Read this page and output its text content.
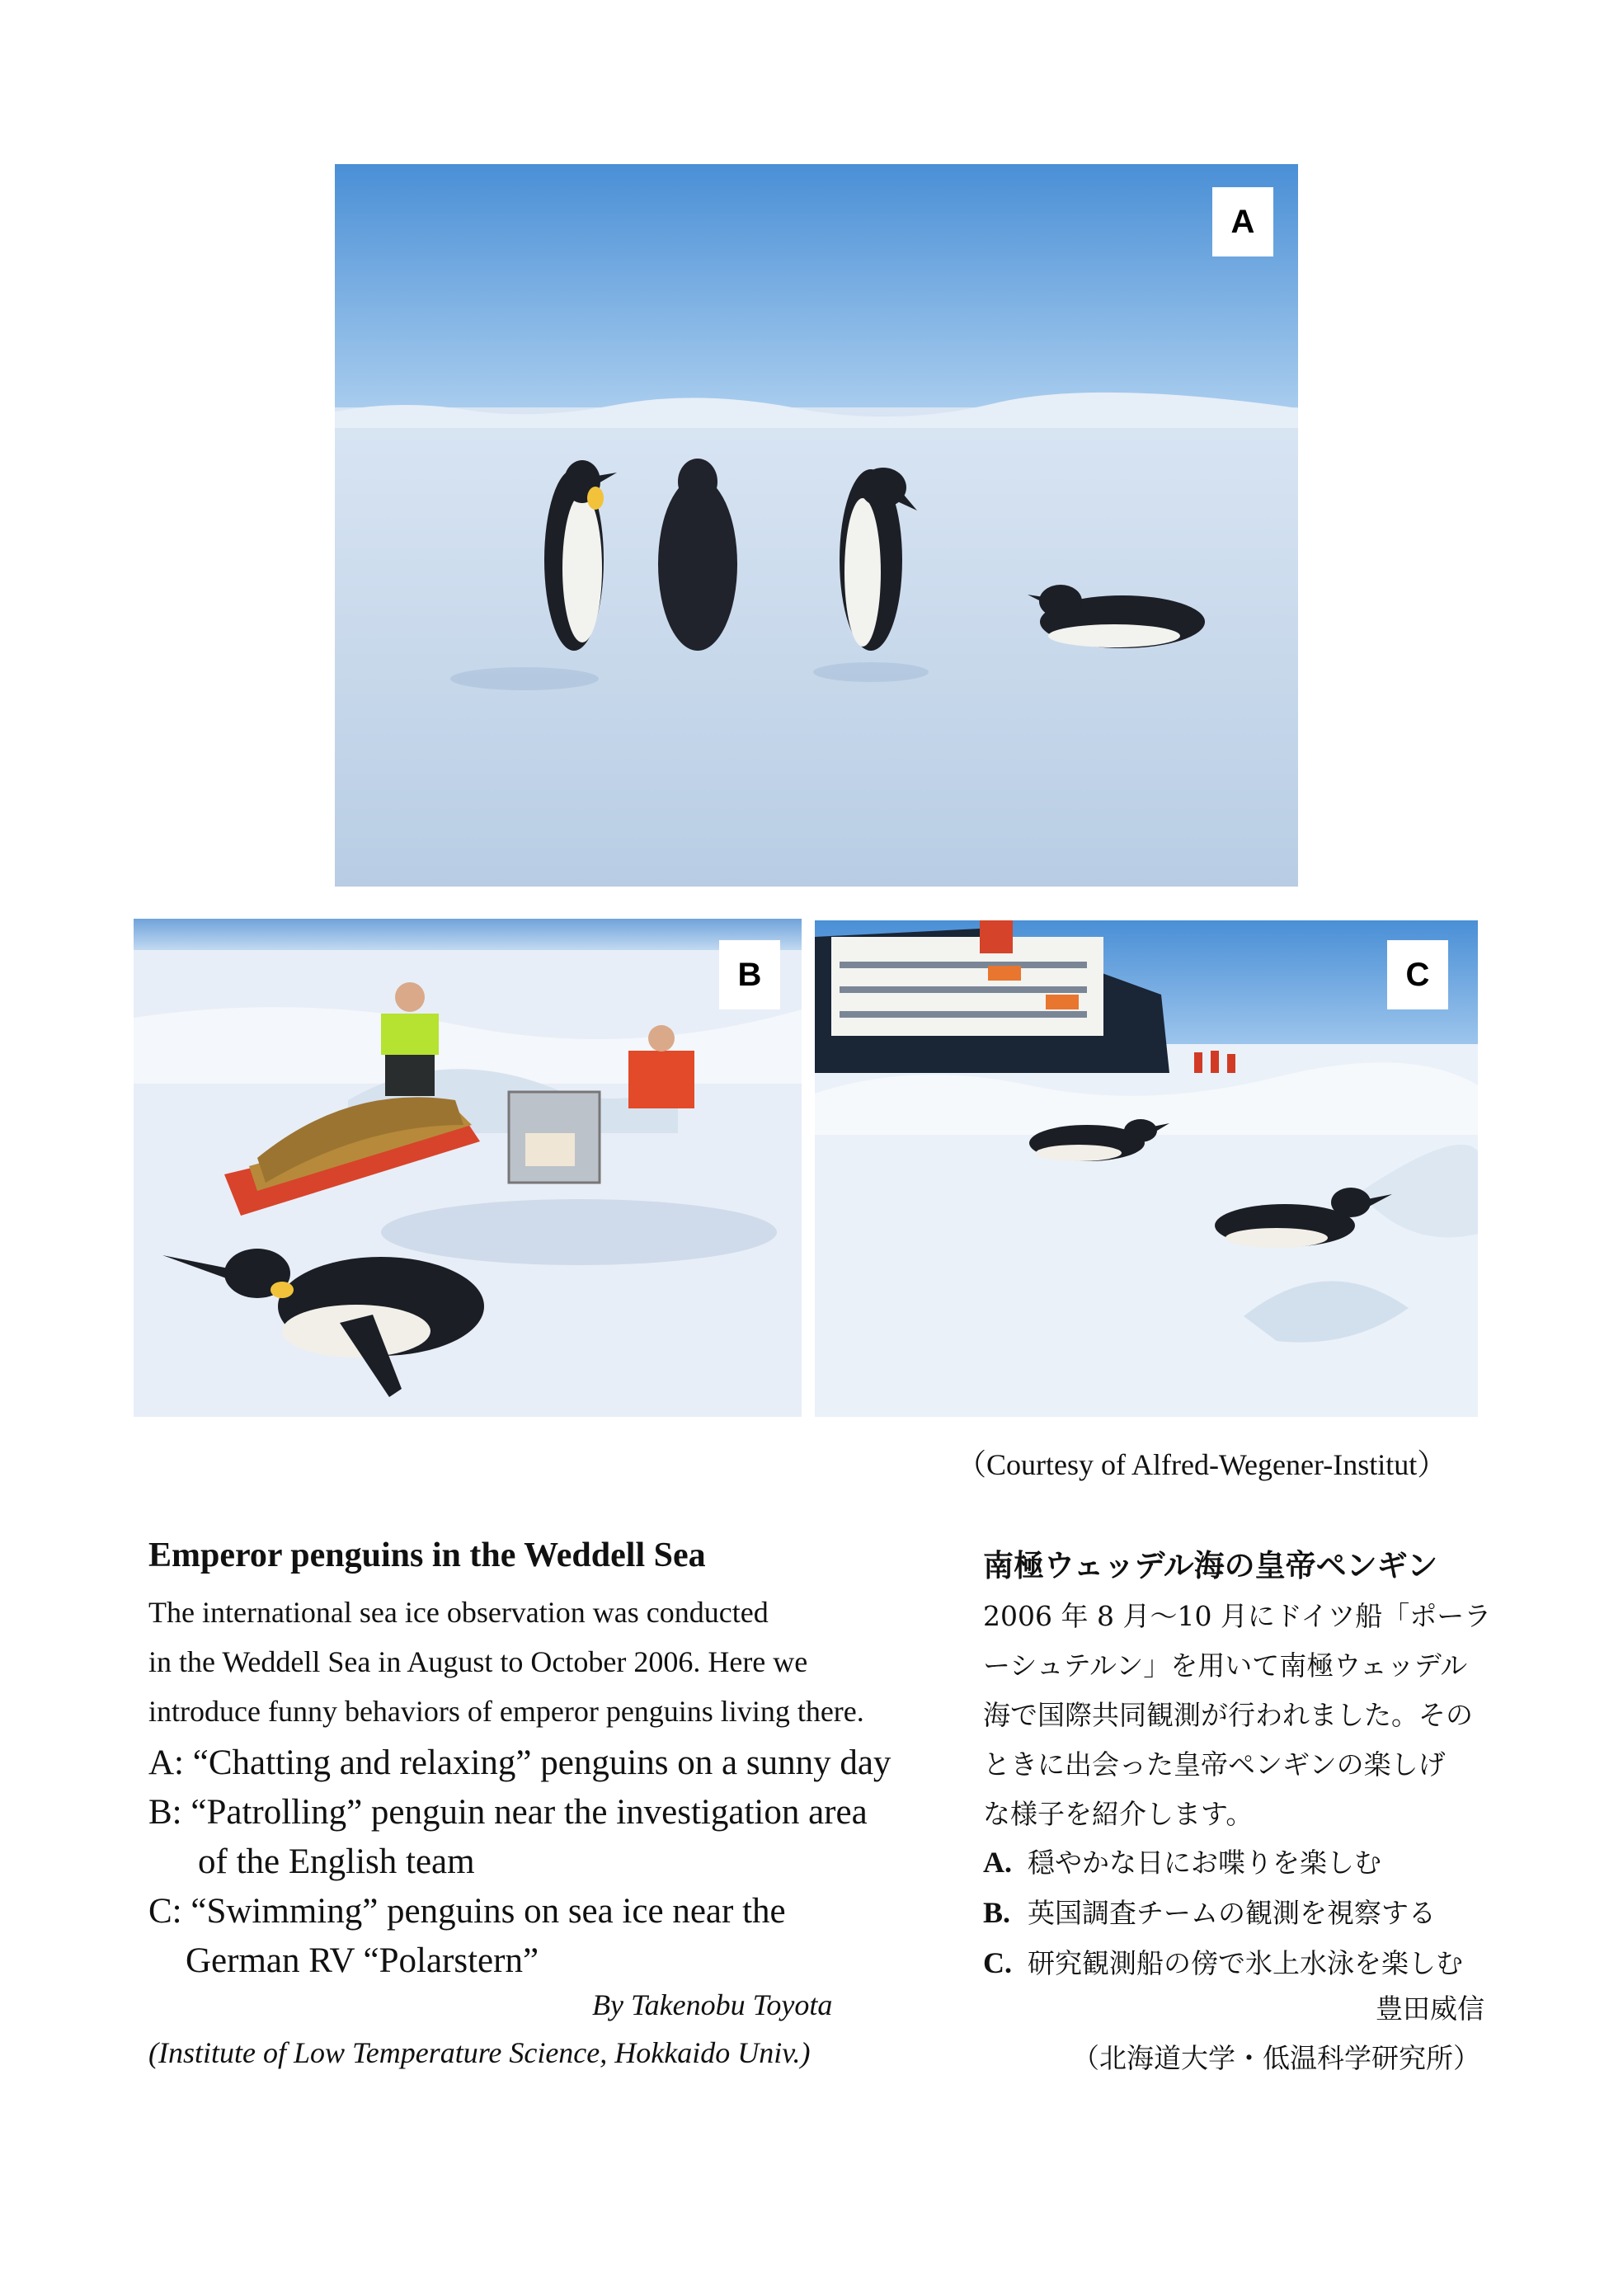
A
B	C
（Courtesy of Alfred-Wegener-Institut）
Emperor penguins in the Weddell Sea
The international sea ice observation was conducted
in the Weddell Sea in August to October 2006. Here we
introduce funny behaviors of emperor penguins living there.
A: “Chatting and relaxing” penguins on a sunny day
B: “Patrolling” penguin near the investigation area
of the English team
C: “Swimming” penguins on sea ice near the
German RV “Polarstern”
By Takenobu Toyota
(Institute of Low Temperature Science, Hokkaido Univ.)
南極ウェッデル海の皇帝ペンギン
2006 年 8 月～10 月にドイツ船「ポーラ
ーシュテルン」を用いて南極ウェッデル
海で国際共同観測が行われました。その
ときに出会った皇帝ペンギンの楽しげ
な様子を紹介します。
A. 穏やかな日にお喋りを楽しむ
B. 英国調査チームの観測を視察する
C. 研究観測船の傍で氷上水泳を楽しむ
豊田威信
（北海道大学・低温科学研究所）
